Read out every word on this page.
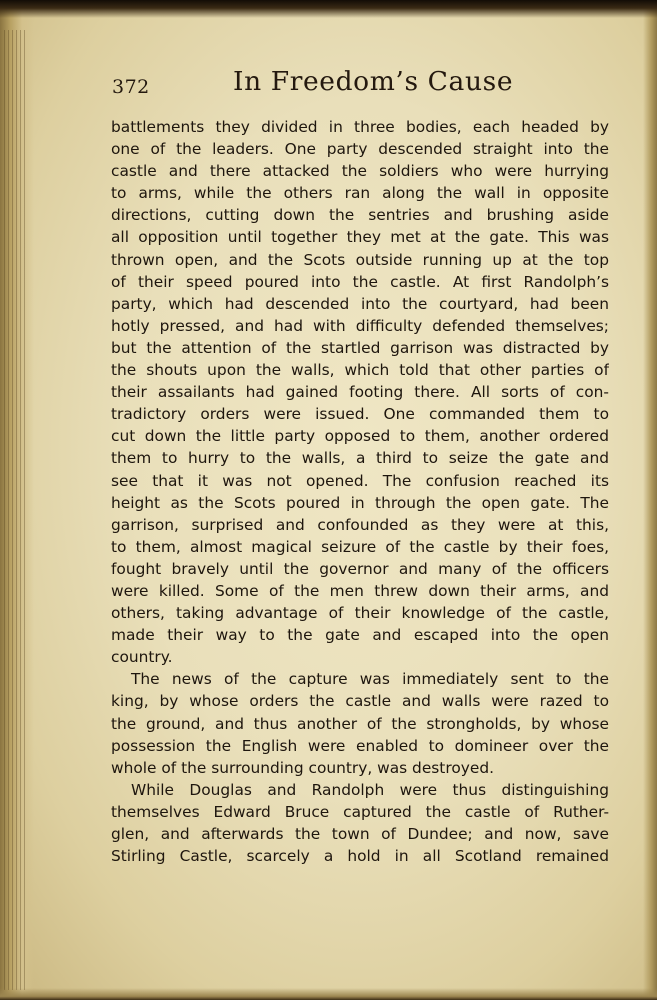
372	In Freedom’s Cause
battlements they divided in three bodies, each headed by
one of the leaders. One party descended straight into the
castle and there attacked the soldiers who were hurrying
to arms, while the others ran along the wall in opposite
directions, cutting down the sentries and brushing aside
all opposition until together they met at the gate. This was
thrown open, and the Scots outside running up at the top
of their speed poured into the castle. At first Randolph’s
party, which had descended into the courtyard, had been
hotly pressed, and had with difficulty defended themselves;
but the attention of the startled garrison was distracted by
the shouts upon the walls, which told that other parties of
their assailants had gained footing there. All sorts of con-
tradictory orders were issued. One commanded them to
cut down the little party opposed to them, another ordered
them to hurry to the walls, a third to seize the gate and
see that it was not opened. The confusion reached its
height as the Scots poured in through the open gate. The
garrison, surprised and confounded as they were at this,
to them, almost magical seizure of the castle by their foes,
fought bravely until the governor and many of the officers
were killed. Some of the men threw down their arms, and
others, taking advantage of their knowledge of the castle,
made their way to the gate and escaped into the open
country.
The news of the capture was immediately sent to the
king, by whose orders the castle and walls were razed to
the ground, and thus another of the strongholds, by whose
possession the English were enabled to domineer over the
whole of the surrounding country, was destroyed.
While Douglas and Randolph were thus distinguishing
themselves Edward Bruce captured the castle of Ruther-
glen, and afterwards the town of Dundee; and now, save
Stirling Castle, scarcely a hold in all Scotland remained
